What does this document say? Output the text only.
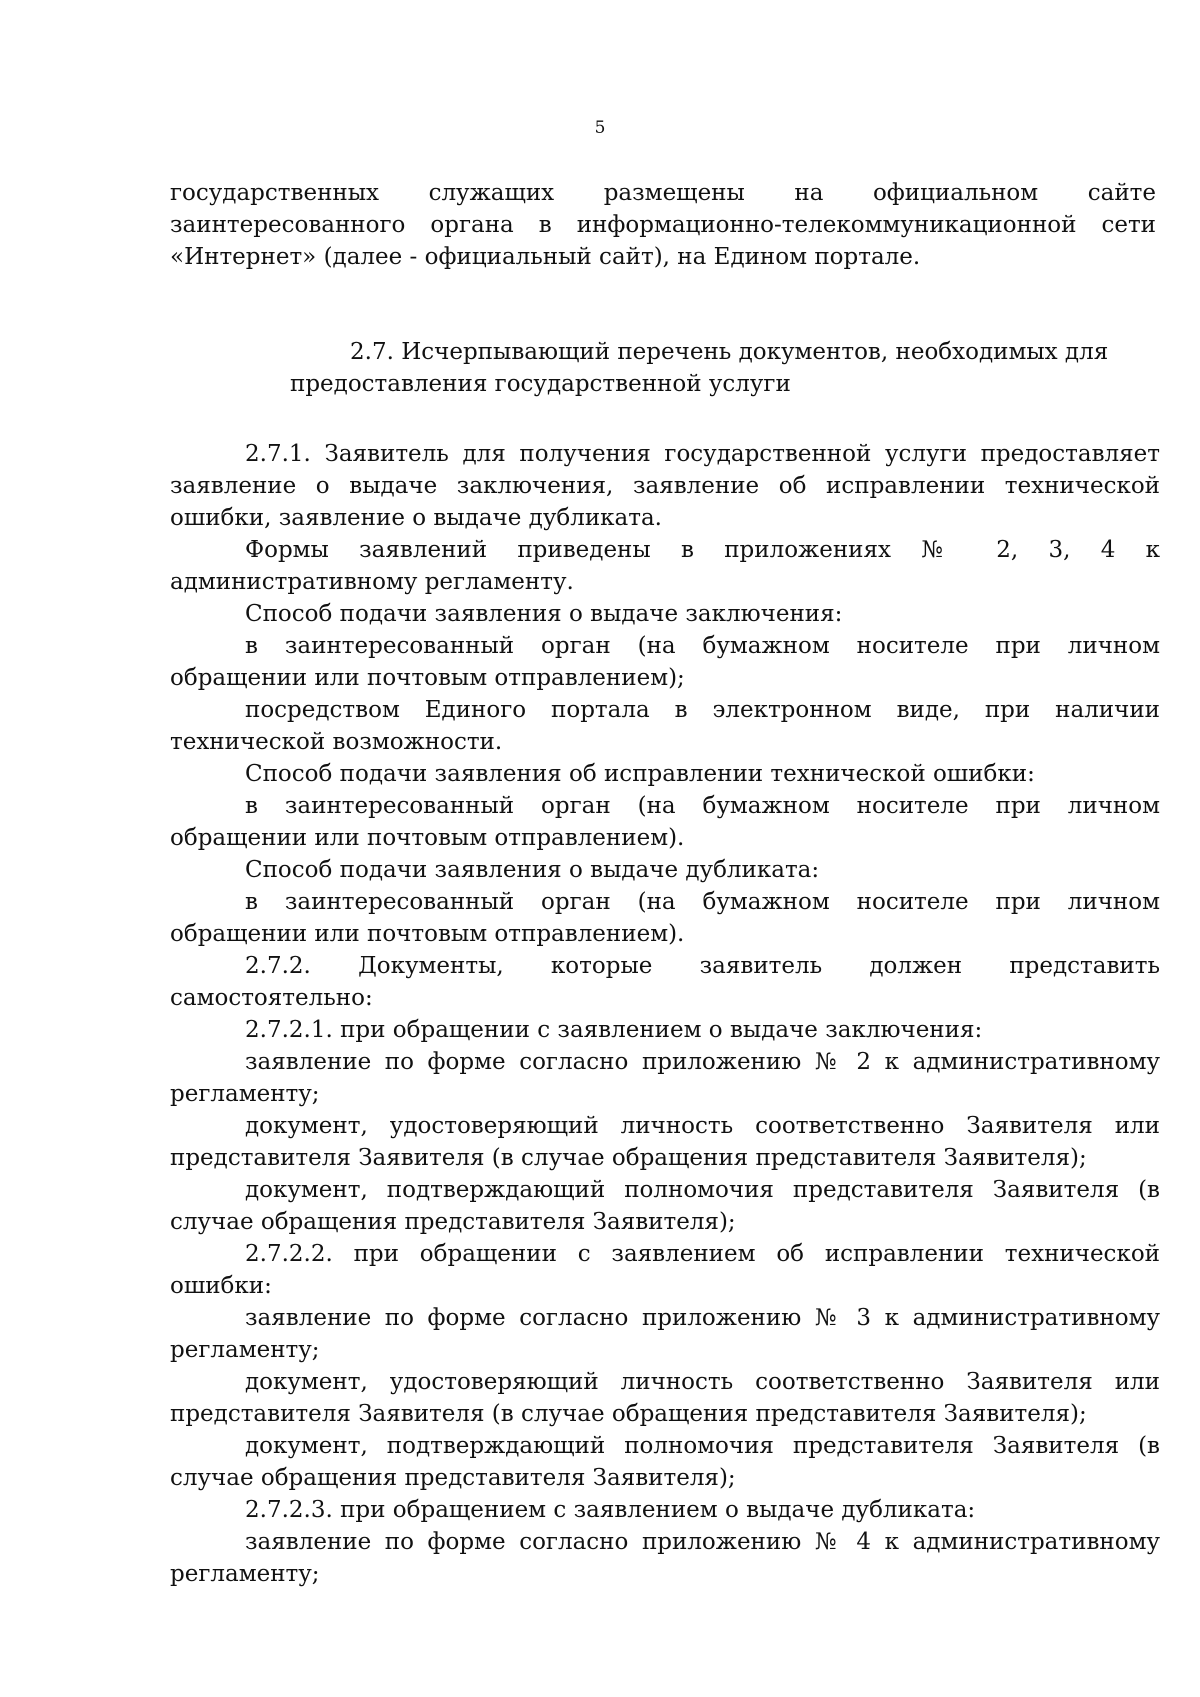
5

государственных служащих размещены на официальном сайте заинтересованного органа в информационно-телекоммуникационной сети «Интернет» (далее - официальный сайт), на Едином портале.

2.7. Исчерпывающий перечень документов, необходимых для

предоставления государственной услуги

2.7.1. Заявитель для получения государственной услуги предоставляет заявление о выдаче заключения, заявление об исправлении технической ошибки, заявление о выдаче дубликата.

Формы заявлений приведены в приложениях № 2, 3, 4 к административному регламенту.

Способ подачи заявления о выдаче заключения:

в заинтересованный орган (на бумажном носителе при личном обращении или почтовым отправлением);

посредством Единого портала в электронном виде, при наличии технической возможности.

Способ подачи заявления об исправлении технической ошибки:

в заинтересованный орган (на бумажном носителе при личном обращении или почтовым отправлением).

Способ подачи заявления о выдаче дубликата:

в заинтересованный орган (на бумажном носителе при личном обращении или почтовым отправлением).

2.7.2. Документы, которые заявитель должен представить самостоятельно:

2.7.2.1. при обращении с заявлением о выдаче заключения:

заявление по форме согласно приложению № 2 к административному регламенту;

документ, удостоверяющий личность соответственно Заявителя или представителя Заявителя (в случае обращения представителя Заявителя);

документ, подтверждающий полномочия представителя Заявителя (в случае обращения представителя Заявителя);

2.7.2.2. при обращении с заявлением об исправлении технической ошибки:

заявление по форме согласно приложению № 3 к административному регламенту;

документ, удостоверяющий личность соответственно Заявителя или представителя Заявителя (в случае обращения представителя Заявителя);

документ, подтверждающий полномочия представителя Заявителя (в случае обращения представителя Заявителя);

2.7.2.3. при обращением с заявлением о выдаче дубликата:

заявление по форме согласно приложению № 4 к административному регламенту;
